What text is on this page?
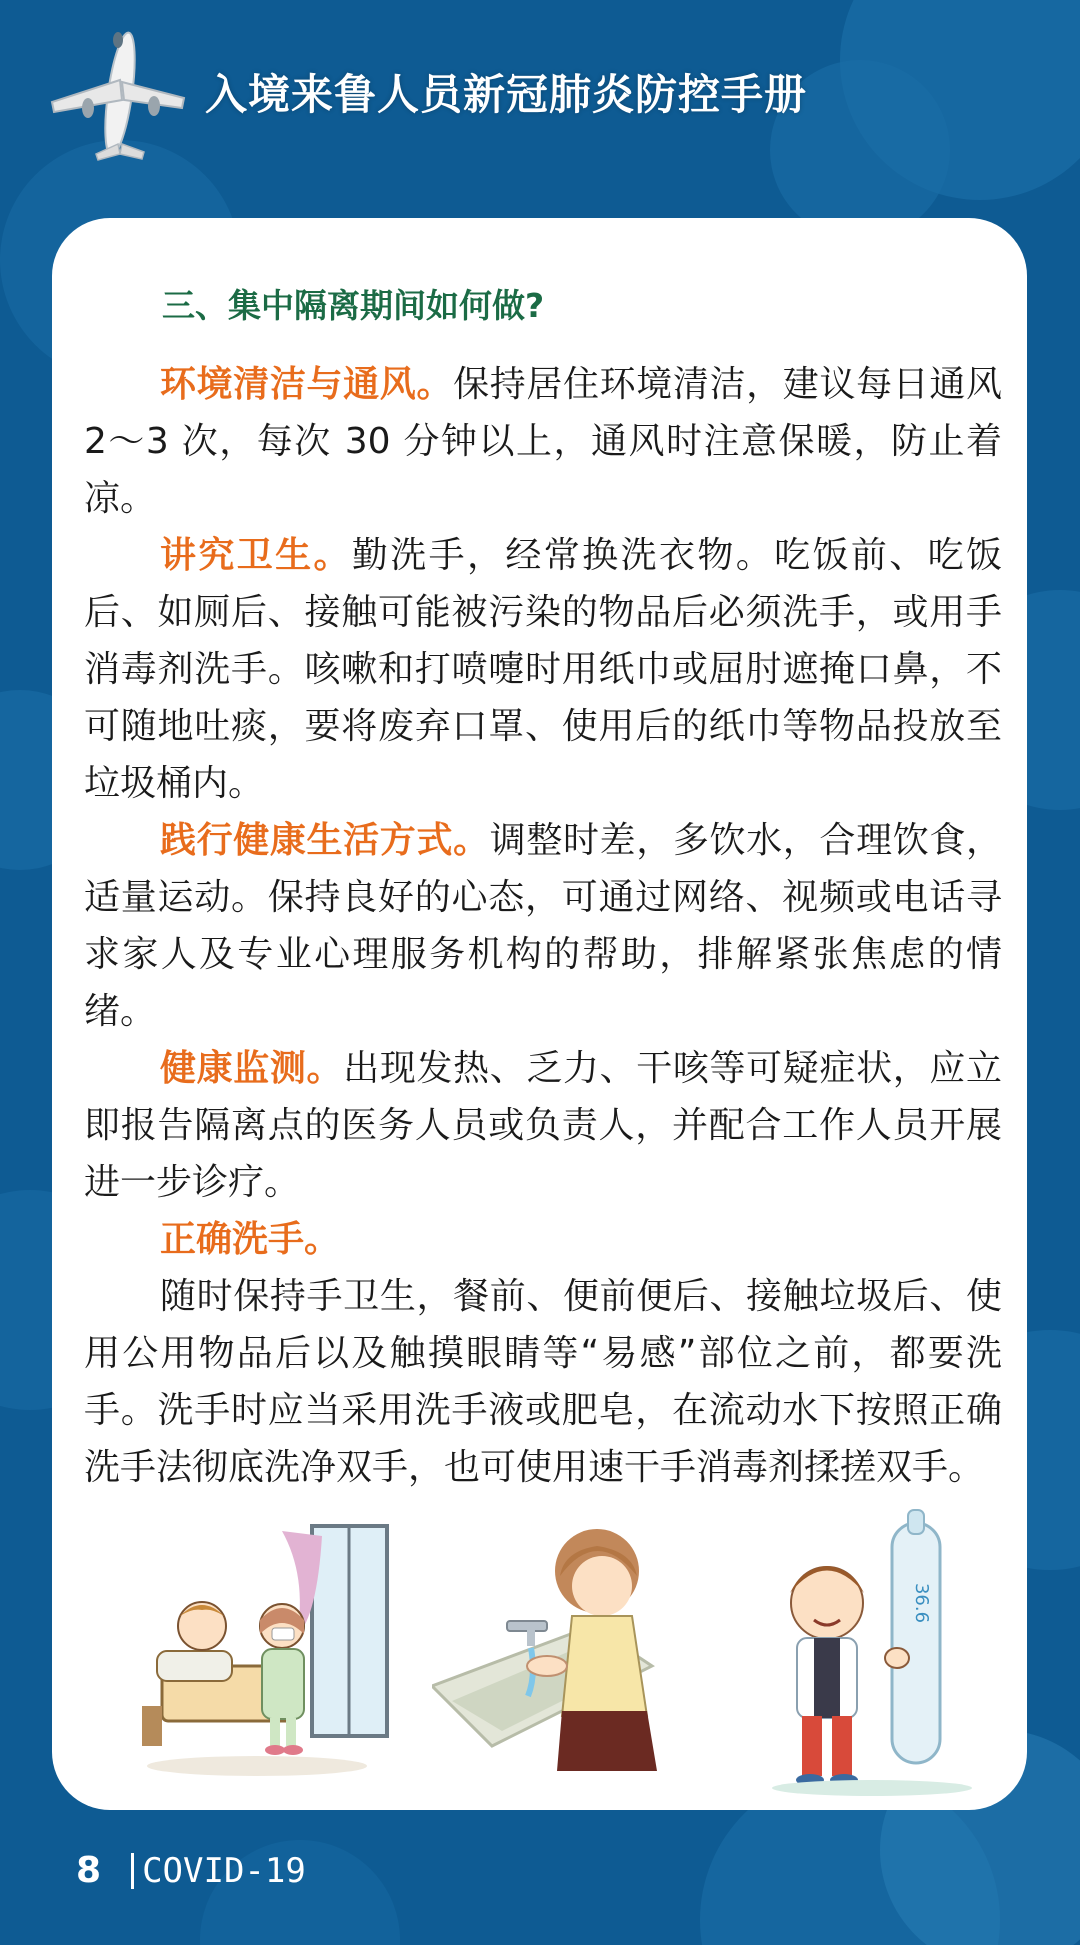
入境来鲁人员新冠肺炎防控手册
三、集中隔离期间如何做?

环境清洁与通风。保持居住环境清洁，建议每日通风 2～3 次，每次 30 分钟以上，通风时注意保暖，防止着凉。

讲究卫生。勤洗手，经常换洗衣物。吃饭前、吃饭后、如厕后、接触可能被污染的物品后必须洗手，或用手消毒剂洗手。咳嗽和打喷嚏时用纸巾或屈肘遮掩口鼻，不可随地吐痰，要将废弃口罩、使用后的纸巾等物品投放至垃圾桶内。

践行健康生活方式。调整时差，多饮水，合理饮食，适量运动。保持良好的心态，可通过网络、视频或电话寻求家人及专业心理服务机构的帮助，排解紧张焦虑的情绪。

健康监测。出现发热、乏力、干咳等可疑症状，应立即报告隔离点的医务人员或负责人，并配合工作人员开展进一步诊疗。

正确洗手。

随时保持手卫生，餐前、便前便后、接触垃圾后、使用公用物品后以及触摸眼睛等“易感”部位之前，都要洗手。洗手时应当采用洗手液或肥皂，在流动水下按照正确洗手法彻底洗净双手，也可使用速干手消毒剂揉搓双手。

36.6
8 COVID-19
